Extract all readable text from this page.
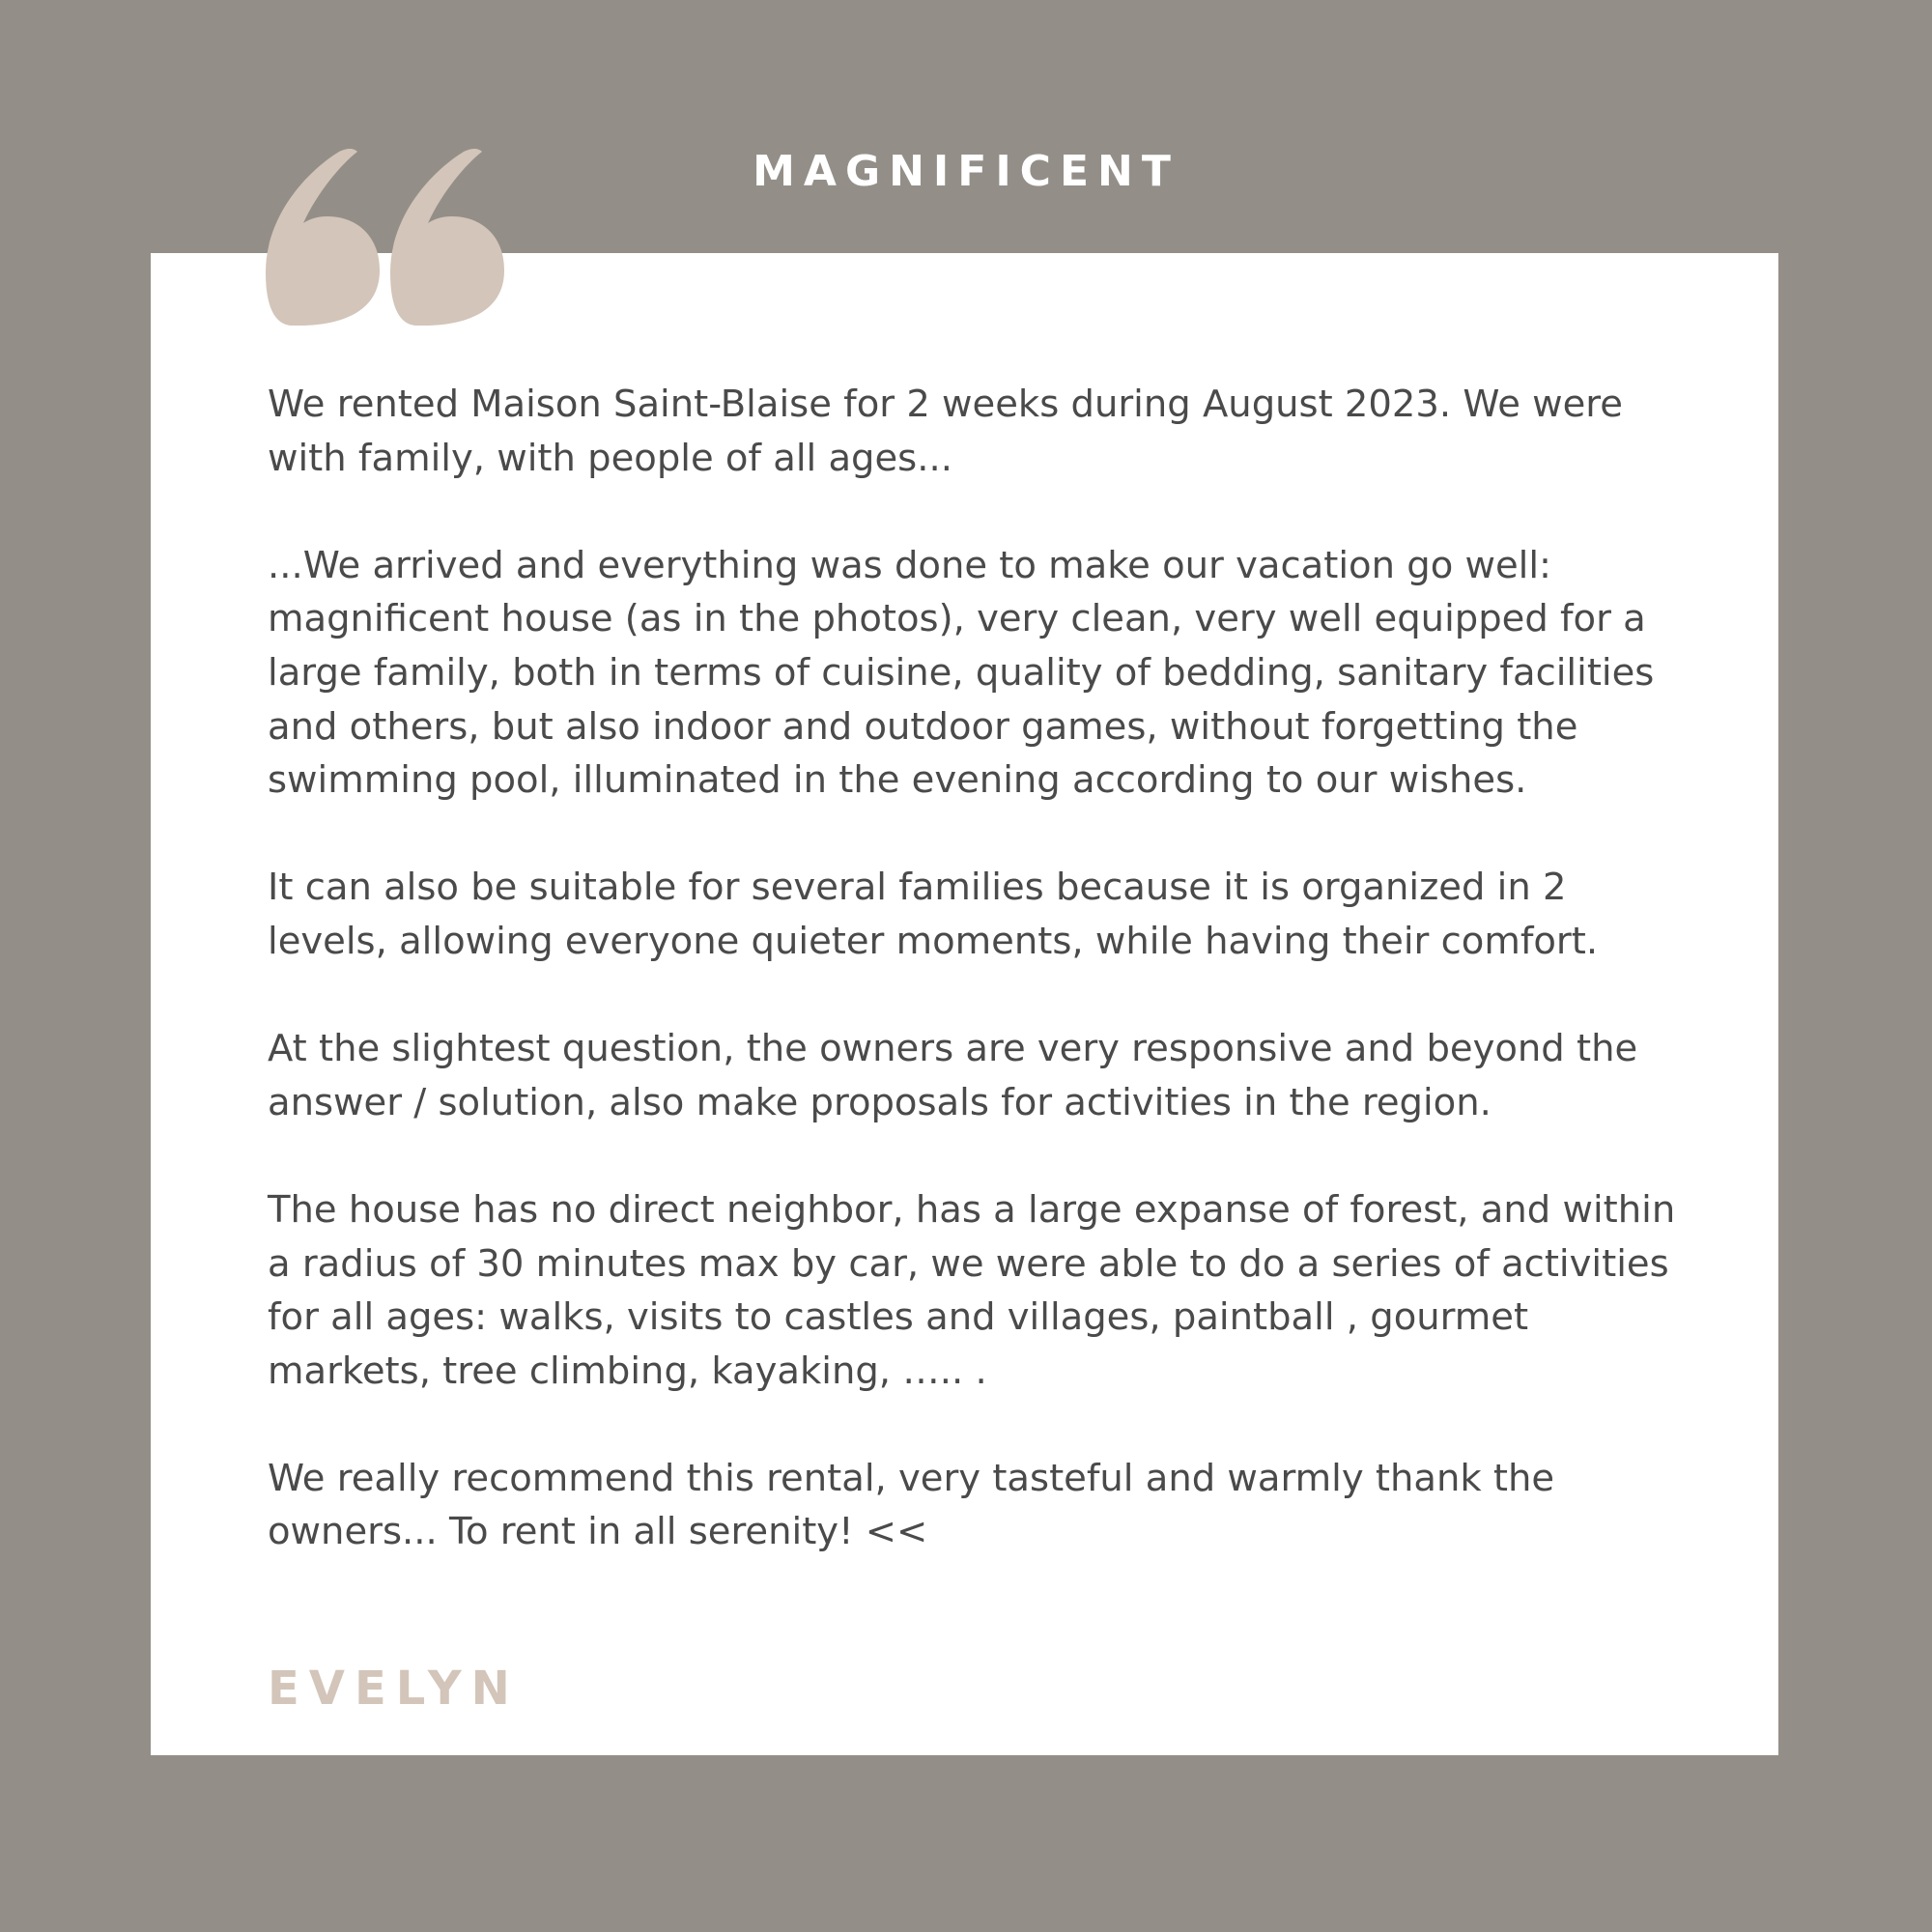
MAGNIFICENT

We rented Maison Saint-Blaise for 2 weeks during August 2023. We were with family, with people of all ages...

...We arrived and everything was done to make our vacation go well: magnificent house (as in the photos), very clean, very well equipped for a large family, both in terms of cuisine, quality of bedding, sanitary facilities and others, but also indoor and outdoor games, without forgetting the swimming pool, illuminated in the evening according to our wishes.

It can also be suitable for several families because it is organized in 2 levels, allowing everyone quieter moments, while having their comfort.

At the slightest question, the owners are very responsive and beyond the answer / solution, also make proposals for activities in the region.

The house has no direct neighbor, has a large expanse of forest, and within a radius of 30 minutes max by car, we were able to do a series of activities for all ages: walks, visits to castles and villages, paintball , gourmet markets, tree climbing, kayaking, ….. .

We really recommend this rental, very tasteful and warmly thank the owners... To rent in all serenity! <<

EVELYN
